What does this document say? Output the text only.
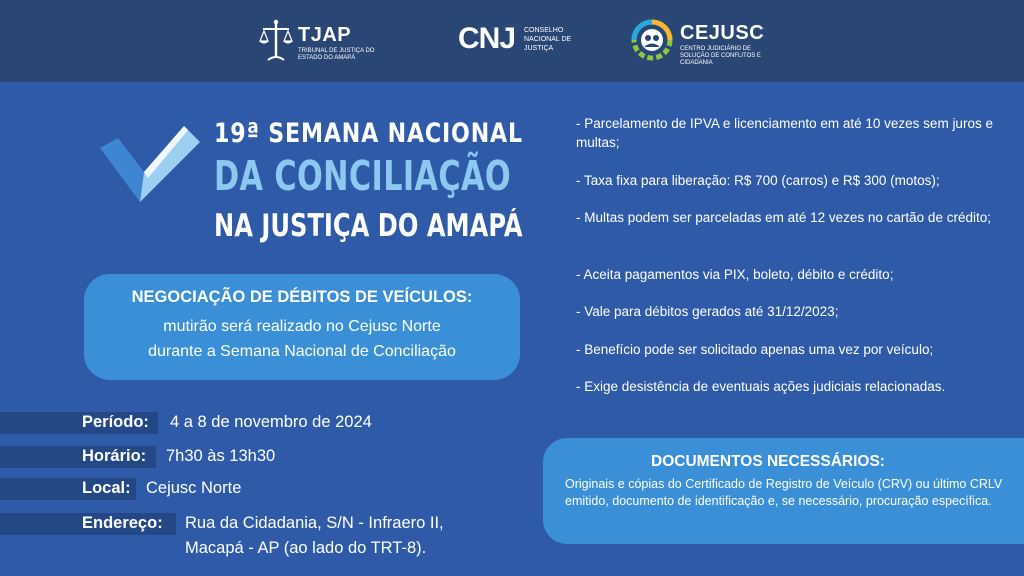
TJAP
TRIBUNAL DE JUSTIÇA DO ESTADO DO AMAPÁ
CNJ CONSELHO NACIONAL DE JUSTIÇA
CEJUSC
CENTRO JUDICIÁRIO DE SOLUÇÃO DE CONFLITOS E CIDADANIA
19ª SEMANA NACIONAL
DA CONCILIAÇÃO
NA JUSTIÇA DO AMAPÁ
NEGOCIAÇÃO DE DÉBITOS DE VEÍCULOS:
mutirão será realizado no Cejusc Norte
durante a Semana Nacional de Conciliação
Período: 4 a 8 de novembro de 2024
Horário: 7h30 às 13h30
Local: Cejusc Norte
Endereço: Rua da Cidadania, S/N - Infraero II,
Macapá - AP (ao lado do TRT-8).
- Parcelamento de IPVA e licenciamento em até 10 vezes sem juros e multas;
- Taxa fixa para liberação: R$ 700 (carros) e R$ 300 (motos);
- Multas podem ser parceladas em até 12 vezes no cartão de crédito;
- Aceita pagamentos via PIX, boleto, débito e crédito;
- Vale para débitos gerados até 31/12/2023;
- Benefício pode ser solicitado apenas uma vez por veículo;
- Exige desistência de eventuais ações judiciais relacionadas.
DOCUMENTOS NECESSÁRIOS:
Originais e cópias do Certificado de Registro de Veículo (CRV) ou último CRLV emitido, documento de identificação e, se necessário, procuração específica.
